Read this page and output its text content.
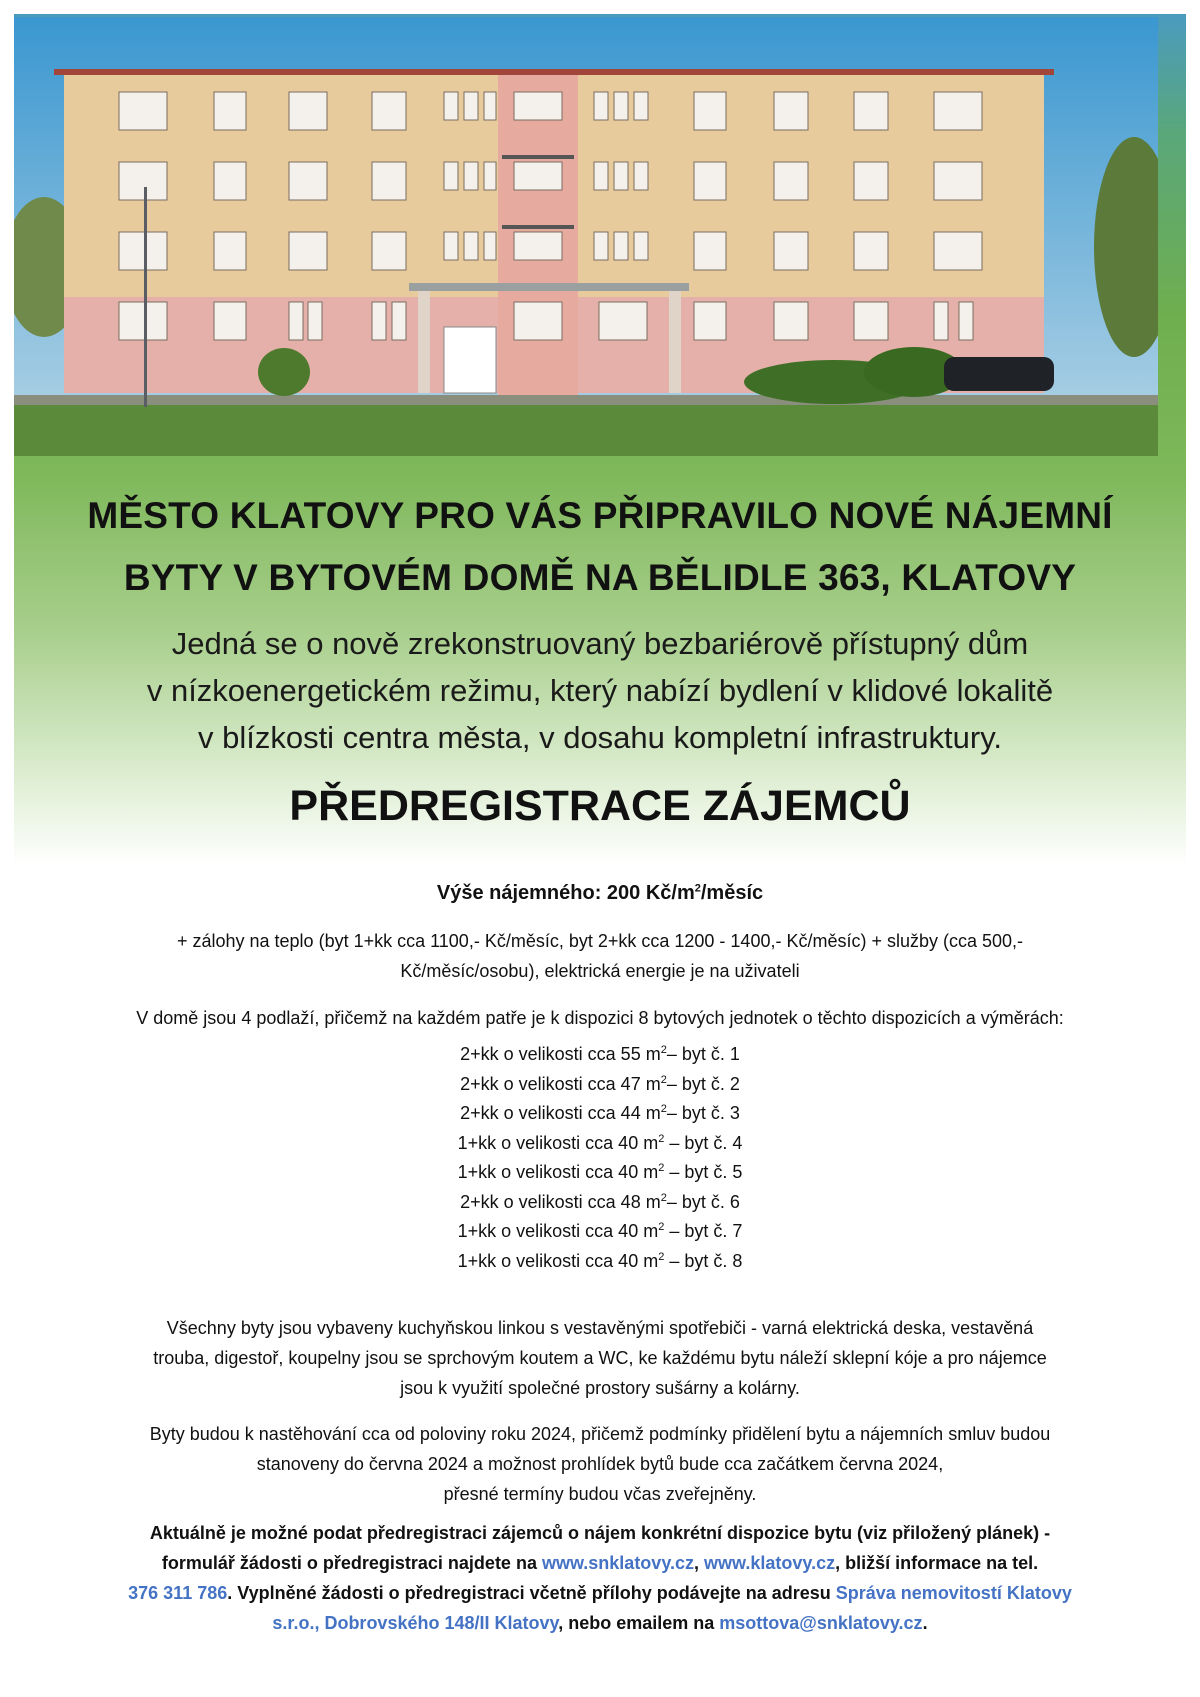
MĚSTO KLATOVY PRO VÁS PŘIPRAVILO NOVÉ NÁJEMNÍ
BYTY V BYTOVÉM DOMĚ NA BĚLIDLE 363, KLATOVY
Jedná se o nově zrekonstruovaný bezbariérově přístupný dům
v nízkoenergetickém režimu, který nabízí bydlení v klidové lokalitě
v blízkosti centra města, v dosahu kompletní infrastruktury.
PŘEDREGISTRACE ZÁJEMCŮ
Výše nájemného: 200 $Kč/m^2$/měsíc
+ zálohy na teplo (byt 1+kk cca 1100,- Kč/měsíc, byt 2+kk cca 1200 - 1400,- Kč/měsíc) + služby (cca 500,-
Kč/měsíc/osobu), elektrická energie je na uživateli
V domě jsou 4 podlaží, přičemž na každém patře je k dispozici 8 bytových jednotek o těchto dispozicích a výměrách:
2+kk o velikosti cca 55 $m^2-$ byt č. 1
2+kk o velikosti cca 47 $m^2-$ byt č. 2
2+kk o velikosti cca 44 $m^2-$ byt č. 3
1+kk o velikosti cca 40 $m^2$ – byt č. 4
1+kk o velikosti cca 40 $m^2$ – byt č. 5
2+kk o velikosti cca 48 $m^2-$ byt č. 6
1+kk o velikosti cca 40 $m^2$ – byt č. 7
1+kk o velikosti cca 40 $m^2$ – byt č. 8
Všechny byty jsou vybaveny kuchyňskou linkou s vestavěnými spotřebiči - varná elektrická deska, vestavěná
trouba, digestoř, koupelny jsou se sprchovým koutem a WC, ke každému bytu náleží sklepní kóje a pro nájemce
jsou k využití společné prostory sušárny a kolárny.
Byty budou k nastěhování cca od poloviny roku 2024, přičemž podmínky přidělení bytu a nájemních smluv budou
stanoveny do června 2024 a možnost prohlídek bytů bude cca začátkem června 2024,
přesné termíny budou včas zveřejněny.
Aktuálně je možné podat předregistraci zájemců o nájem konkrétní dispozice bytu (viz přiložený plánek) -
formulář žádosti o předregistraci najdete na www.snklatovy.cz, www.klatovy.cz, bližší informace na tel.
376 311 786. Vyplněné žádosti o předregistraci včetně přílohy podávejte na adresu Správa nemovitostí Klatovy
s.r.o., Dobrovského 148/II Klatovy, nebo emailem na msottova@snklatovy.cz.
